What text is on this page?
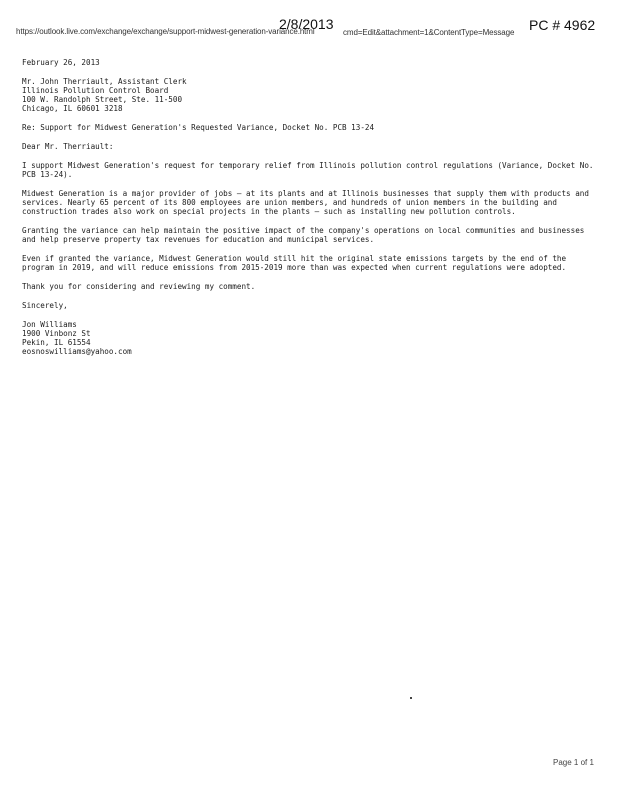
https://outlook.live.com/exchange/exchange/support-midwest-generation-variance.html
2/8/2013
cmd=Edit&attachment=1&ContentType=Message PC # 4962

February 26, 2013

Mr. John Therriault, Assistant Clerk

Illinois Pollution Control Board

100 W. Randolph Street, Ste. 11-500

Chicago, IL 60601 3218

Re: Support for Midwest Generation's Requested Variance, Docket No. PCB 13-24

Dear Mr. Therriault:

I support Midwest Generation's request for temporary relief from Illinois pollution control regulations (Variance, Docket No. PCB 13-24).

Midwest Generation is a major provider of jobs — at its plants and at Illinois businesses that supply them with products and services. Nearly 65 percent of its 800 employees are union members, and hundreds of union members in the building and construction trades also work on special projects in the plants — such as installing new pollution controls.

Granting the variance can help maintain the positive impact of the company's operations on local communities and businesses and help preserve property tax revenues for education and municipal services.

Even if granted the variance, Midwest Generation would still hit the original state emissions targets by the end of the program in 2019, and will reduce emissions from 2015-2019 more than was expected when current regulations were adopted.

Thank you for considering and reviewing my comment.

Sincerely,

Jon Williams

1900 Vinbonz St

Pekin, IL 61554

eosnoswilliams@yahoo.com

Page 1 of 1
